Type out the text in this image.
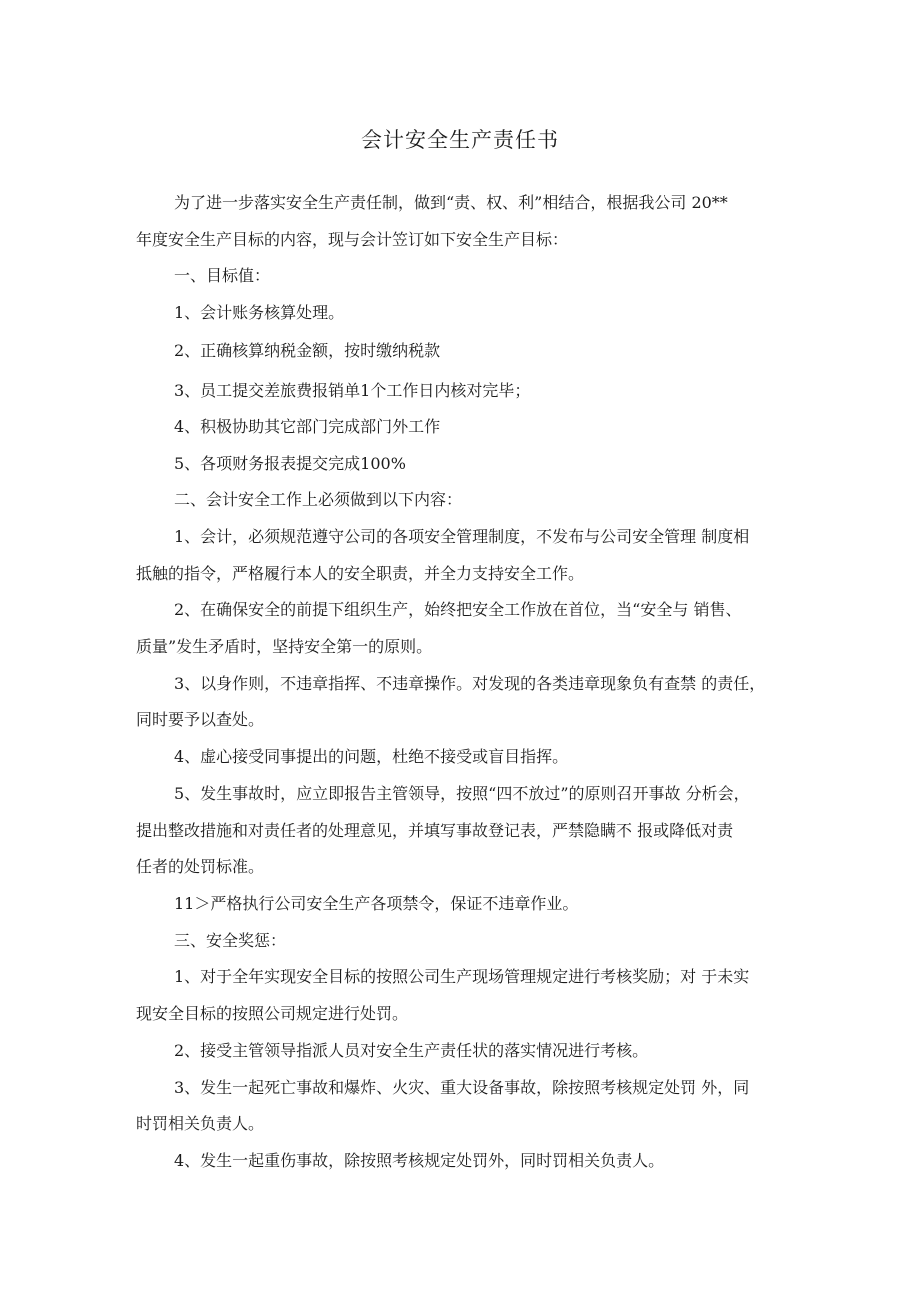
会计安全生产责任书

为了进一步落实安全生产责任制，做到“责、权、利”相结合，根据我公司 20**

年度安全生产目标的内容，现与会计笠订如下安全生产目标：

一、目标值：

1、会计账务核算处理。

2、正确核算纳税金额，按时缴纳税款

3、员工提交差旅费报销单1个工作日内核对完毕；

4、积极协助其它部门完成部门外工作

5、各项财务报表提交完成100%

二、会计安全工作上必须做到以下内容：

1、会计，必须规范遵守公司的各项安全管理制度，不发布与公司安全管理 制度相

抵触的指令，严格履行本人的安全职责，并全力支持安全工作。

2、在确保安全的前提下组织生产，始终把安全工作放在首位，当“安全与 销售、

质量”发生矛盾时，坚持安全第一的原则。

3、以身作则，不违章指挥、不违章操作。对发现的各类违章现象负有查禁 的责任，

同时要予以查处。

4、虚心接受同事提出的问题，杜绝不接受或盲目指挥。

5、发生事故时，应立即报告主管领导，按照“四不放过”的原则召开事故 分析会，

提出整改措施和对责任者的处理意见，并填写事故登记表，严禁隐瞒不 报或降低对责

任者的处罚标准。

11＞严格执行公司安全生产各项禁令，保证不违章作业。

三、安全奖惩：

1、对于全年实现安全目标的按照公司生产现场管理规定进行考核奖励；对 于未实

现安全目标的按照公司规定进行处罚。

2、接受主管领导指派人员对安全生产责任状的落实情况进行考核。

3、发生一起死亡事故和爆炸、火灾、重大设备事故，除按照考核规定处罚 外，同

时罚相关负责人。

4、发生一起重伤事故，除按照考核规定处罚外，同时罚相关负责人。
